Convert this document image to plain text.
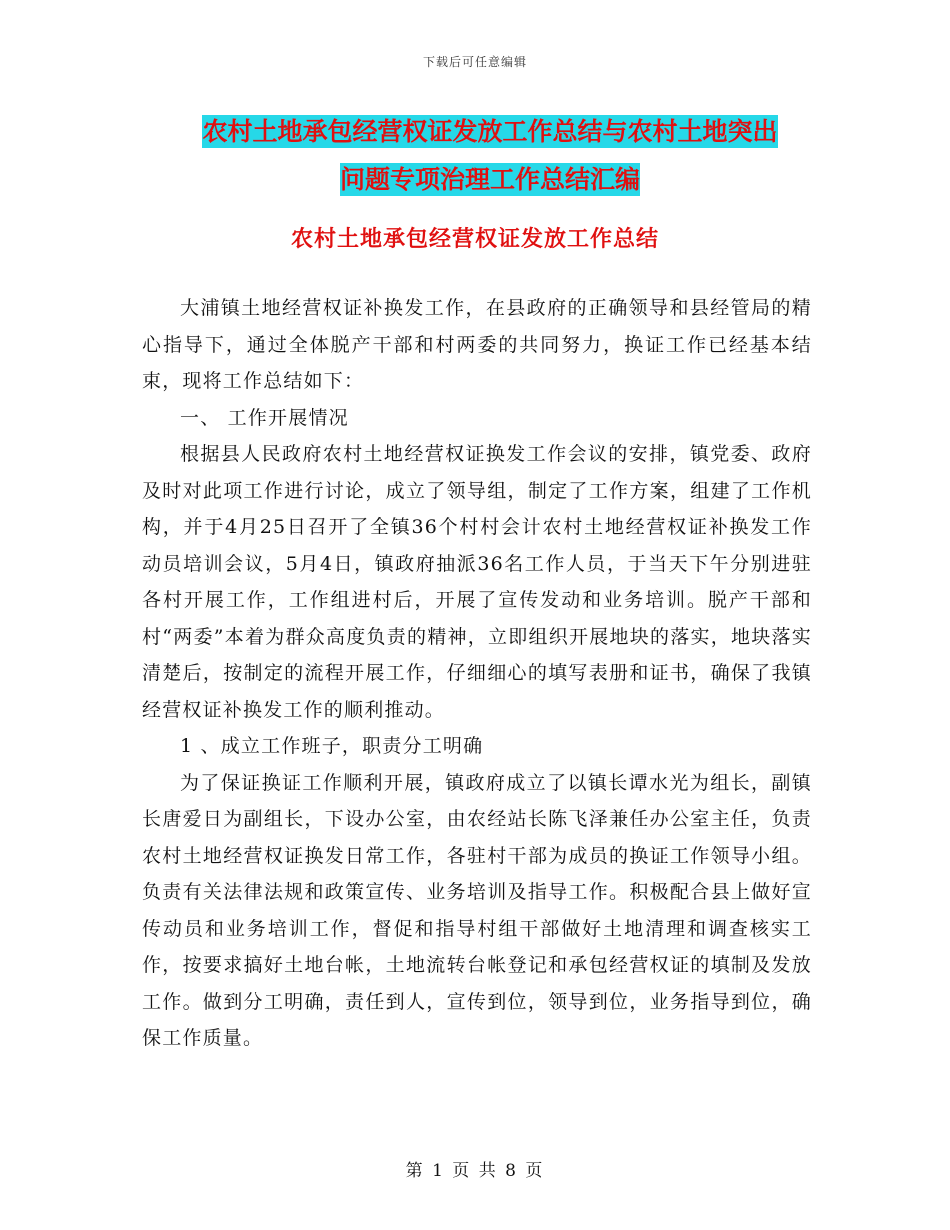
下载后可任意编辑
农村土地承包经营权证发放工作总结与农村土地突出
问题专项治理工作总结汇编
农村土地承包经营权证发放工作总结

大浦镇土地经营权证补换发工作，在县政府的正确领导和县经管局的精心指导下，通过全体脱产干部和村两委的共同努力，换证工作已经基本结束，现将工作总结如下：

一、 工作开展情况

根据县人民政府农村土地经营权证换发工作会议的安排，镇党委、政府及时对此项工作进行讨论，成立了领导组，制定了工作方案，组建了工作机构，并于4月25日召开了全镇36个村村会计农村土地经营权证补换发工作动员培训会议，5月4日，镇政府抽派36名工作人员，于当天下午分别进驻各村开展工作，工作组进村后，开展了宣传发动和业务培训。脱产干部和村“两委”本着为群众高度负责的精神，立即组织开展地块的落实，地块落实清楚后，按制定的流程开展工作，仔细细心的填写表册和证书，确保了我镇经营权证补换发工作的顺利推动。

1 、成立工作班子，职责分工明确

为了保证换证工作顺利开展，镇政府成立了以镇长谭水光为组长，副镇长唐爱日为副组长，下设办公室，由农经站长陈飞泽兼任办公室主任，负责农村土地经营权证换发日常工作，各驻村干部为成员的换证工作领导小组。负责有关法律法规和政策宣传、业务培训及指导工作。积极配合县上做好宣传动员和业务培训工作，督促和指导村组干部做好土地清理和调查核实工作，按要求搞好土地台帐，土地流转台帐登记和承包经营权证的填制及发放工作。做到分工明确，责任到人，宣传到位，领导到位，业务指导到位，确保工作质量。

第 1 页 共 8 页
